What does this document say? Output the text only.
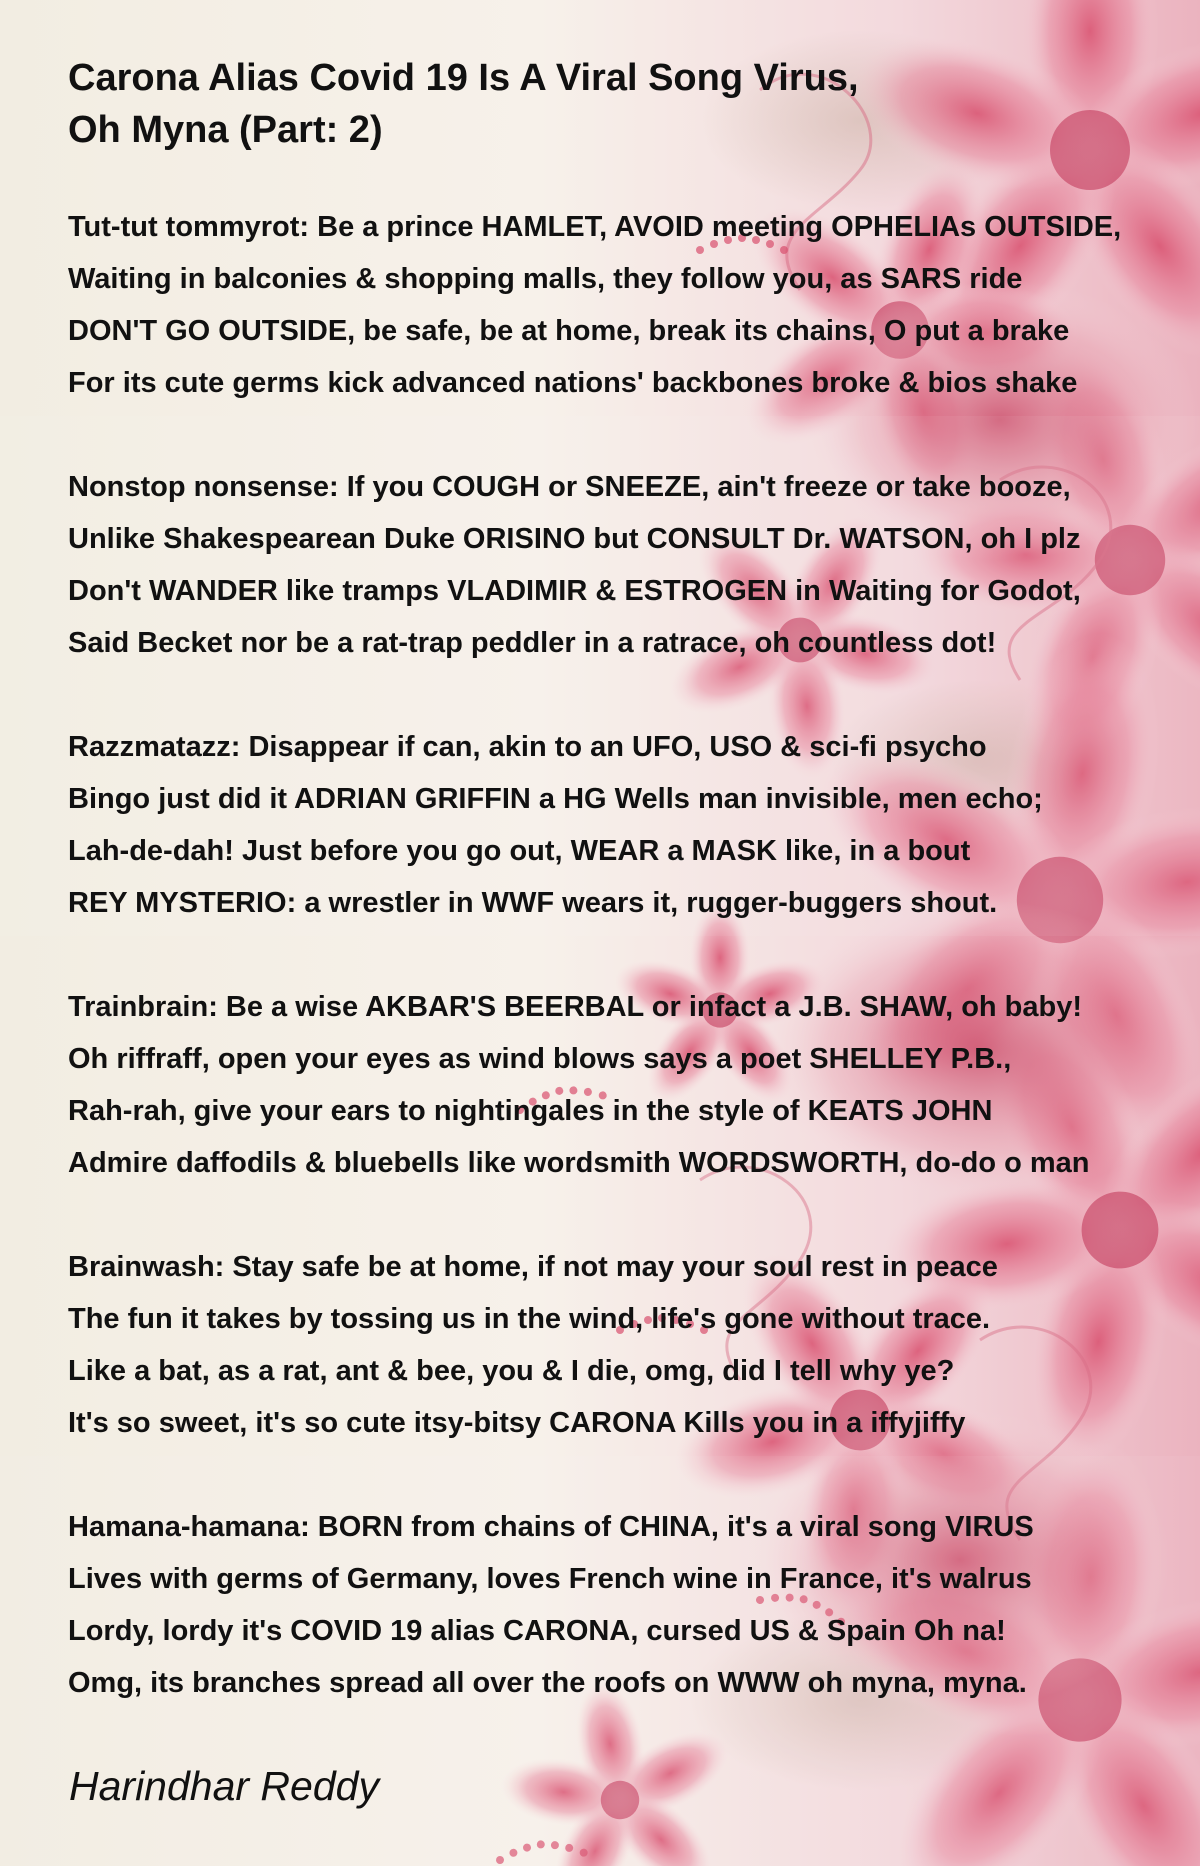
Carona Alias Covid 19 Is A Viral Song Virus,
Oh Myna (Part: 2)
Tut-tut tommyrot: Be a prince HAMLET, AVOID meeting OPHELIAs OUTSIDE,
Waiting in balconies & shopping malls, they follow you, as SARS ride
DON'T GO OUTSIDE, be safe, be at home, break its chains, O put a brake
For its cute germs kick advanced nations' backbones broke & bios shake
Nonstop nonsense: If you COUGH or SNEEZE, ain't freeze or take booze,
Unlike Shakespearean Duke ORISINO but CONSULT Dr. WATSON, oh I plz
Don't WANDER like tramps VLADIMIR & ESTROGEN in Waiting for Godot,
Said Becket nor be a rat-trap peddler in a ratrace, oh countless dot!
Razzmatazz: Disappear if can, akin to an UFO, USO & sci-fi psycho
Bingo just did it ADRIAN GRIFFIN a HG Wells man invisible, men echo;
Lah-de-dah! Just before you go out, WEAR a MASK like, in a bout
REY MYSTERIO: a wrestler in WWF wears it, rugger-buggers shout.
Trainbrain: Be a wise AKBAR'S BEERBAL or infact a J.B. SHAW, oh baby!
Oh riffraff, open your eyes as wind blows says a poet SHELLEY P.B.,
Rah-rah, give your ears to nightingales in the style of KEATS JOHN
Admire daffodils & bluebells like wordsmith WORDSWORTH, do-do o man
Brainwash: Stay safe be at home, if not may your soul rest in peace
The fun it takes by tossing us in the wind, life's gone without trace.
Like a bat, as a rat, ant & bee, you & I die, omg, did I tell why ye?
It's so sweet, it's so cute itsy-bitsy CARONA Kills you in a iffyjiffy
Hamana-hamana: BORN from chains of CHINA, it's a viral song VIRUS
Lives with germs of Germany, loves French wine in France, it's walrus
Lordy, lordy it's COVID 19 alias CARONA, cursed US & Spain Oh na!
Omg, its branches spread all over the roofs on WWW oh myna, myna.
Harindhar Reddy
